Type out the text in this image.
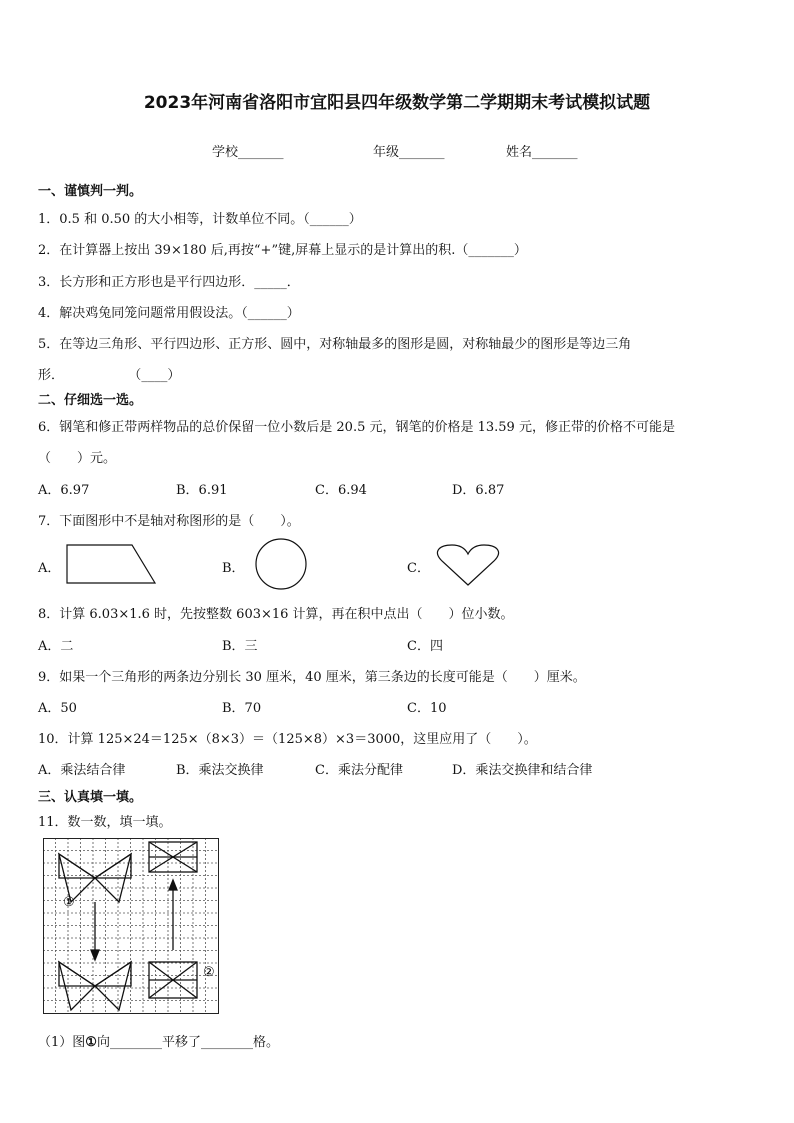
2023年河南省洛阳市宜阳县四年级数学第二学期期末考试模拟试题
学校_______	年级_______	姓名_______
一、谨慎判一判。
1．0.5 和 0.50 的大小相等，计数单位不同。（______）
2．在计算器上按出 39×180 后,再按“+”键,屏幕上显示的是计算出的积.（_______）
3．长方形和正方形也是平行四边形．_____．
4．解决鸡兔同笼问题常用假设法。（______）
5．在等边三角形、平行四边形、正方形、圆中，对称轴最多的图形是圆，对称轴最少的图形是等边三角
形．	（____）
二、仔细选一选。
6．钢笔和修正带两样物品的总价保留一位小数后是 20.5 元，钢笔的价格是 13.59 元，修正带的价格不可能是
（　　）元。
A．6.97	B．6.91	C．6.94	D．6.87
7．下面图形中不是轴对称图形的是（　　）。
A．	B．	C．
8．计算 6.03×1.6 时，先按整数 603×16 计算，再在积中点出（　　）位小数。
A．二	B．三	C．四
9．如果一个三角形的两条边分别长 30 厘米，40 厘米，第三条边的长度可能是（　　）厘米。
A．50	B．70	C．10
10．计算 125×24＝125×（8×3）＝（125×8）×3＝3000，这里应用了（　　）。
A．乘法结合律	B．乘法交换律	C．乘法分配律	D．乘法交换律和结合律
三、认真填一填。
11．数一数，填一填。
①
②
（1）图①向________平移了________格。
